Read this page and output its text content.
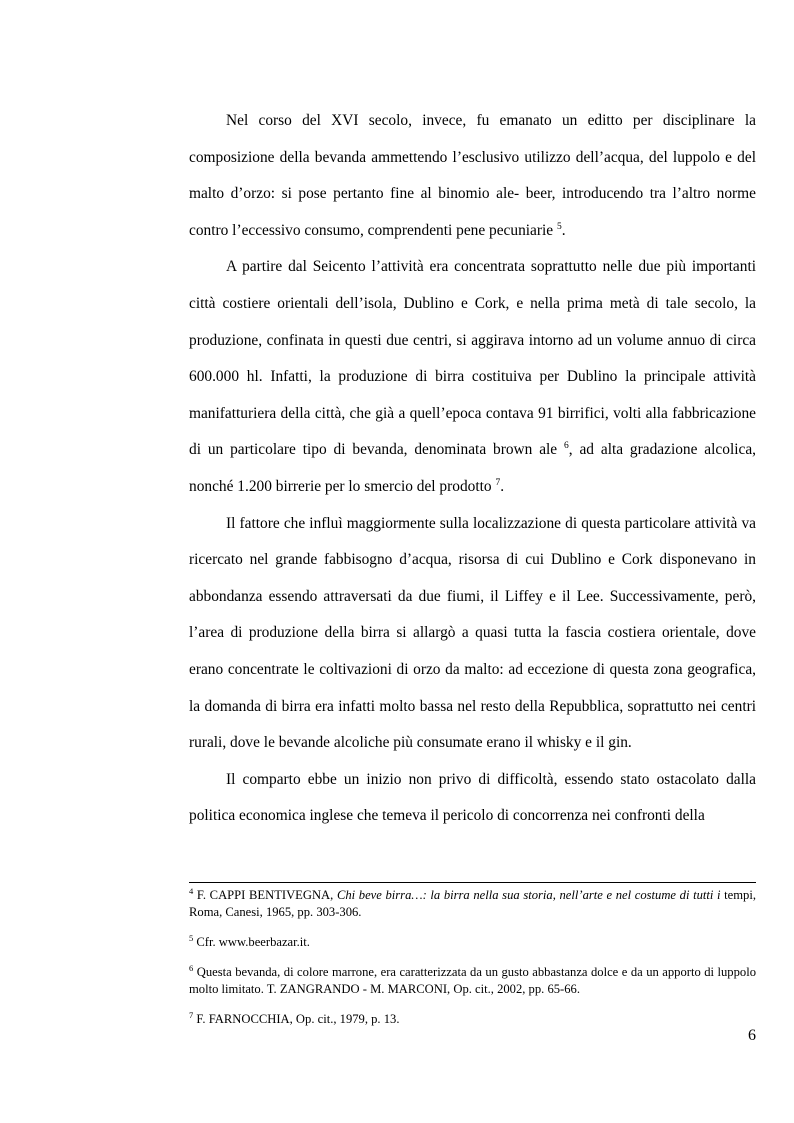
Nel corso del XVI secolo, invece, fu emanato un editto per disciplinare la composizione della bevanda ammettendo l’esclusivo utilizzo dell’acqua, del luppolo e del malto d’orzo: si pose pertanto fine al binomio ale- beer, introducendo tra l’altro norme contro l’eccessivo consumo, comprendenti pene pecuniarie $^5$.

A partire dal Seicento l’attività era concentrata soprattutto nelle due più importanti città costiere orientali dell’isola, Dublino e Cork, e nella prima metà di tale secolo, la produzione, confinata in questi due centri, si aggirava intorno ad un volume annuo di circa 600.000 hl. Infatti, la produzione di birra costituiva per Dublino la principale attività manifatturiera della città, che già a quell’epoca contava 91 birrifici, volti alla fabbricazione di un particolare tipo di bevanda, denominata brown ale $^6$, ad alta gradazione alcolica, nonché 1.200 birrerie per lo smercio del prodotto $^7$.

Il fattore che influì maggiormente sulla localizzazione di questa particolare attività va ricercato nel grande fabbisogno d’acqua, risorsa di cui Dublino e Cork disponevano in abbondanza essendo attraversati da due fiumi, il Liffey e il Lee. Successivamente, però, l’area di produzione della birra si allargò a quasi tutta la fascia costiera orientale, dove erano concentrate le coltivazioni di orzo da malto: ad eccezione di questa zona geografica, la domanda di birra era infatti molto bassa nel resto della Repubblica, soprattutto nei centri rurali, dove le bevande alcoliche più consumate erano il whisky e il gin.

Il comparto ebbe un inizio non privo di difficoltà, essendo stato ostacolato dalla politica economica inglese che temeva il pericolo di concorrenza nei confronti della

$^4$ F. CAPPI BENTIVEGNA, Chi beve birra…: la birra nella sua storia, nell’arte e nel costume di tutti i tempi, Roma, Canesi, 1965, pp. 303-306.

$^5$ Cfr. www.beerbazar.it.

$^6$ Questa bevanda, di colore marrone, era caratterizzata da un gusto abbastanza dolce e da un apporto di luppolo molto limitato. T. ZANGRANDO - M. MARCONI, Op. cit., 2002, pp. 65-66.

$^7$ F. FARNOCCHIA, Op. cit., 1979, p. 13.

6
